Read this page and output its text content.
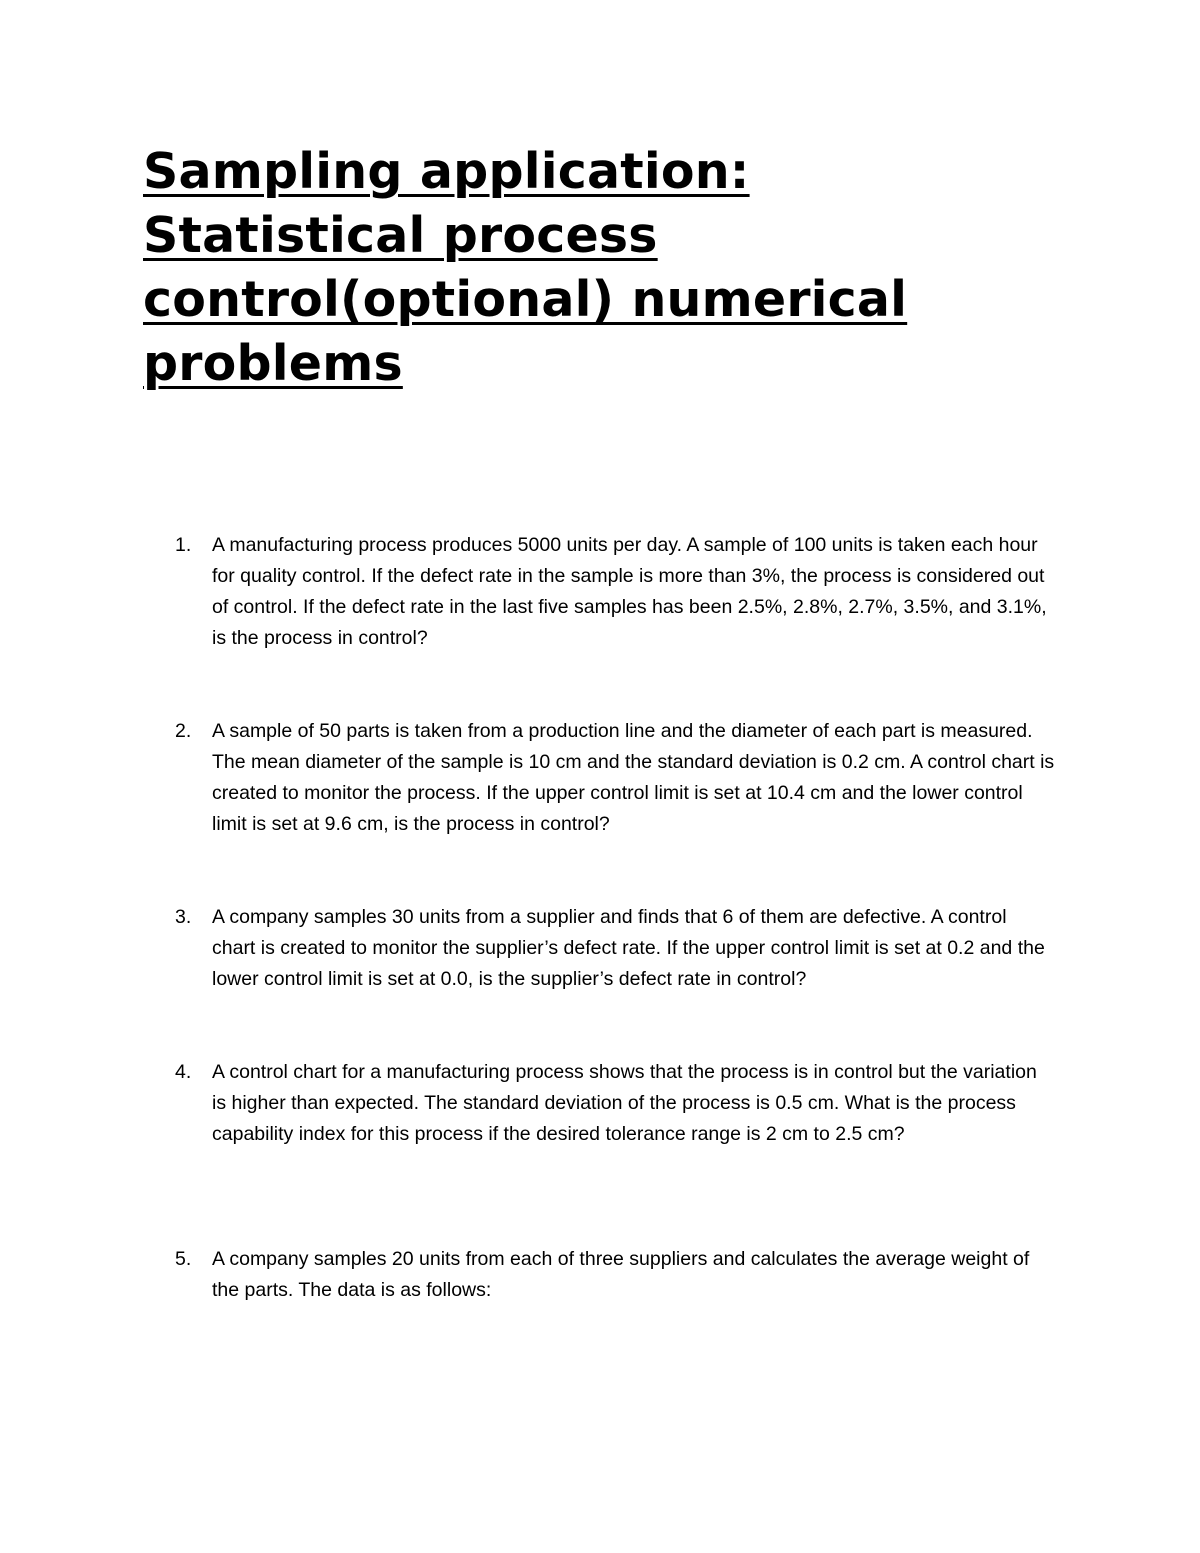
Sampling application: Statistical process control(optional) numerical problems
1.	A manufacturing process produces 5000 units per day. A sample of 100 units is taken each hour for quality control. If the defect rate in the sample is more than 3%, the process is considered out of control. If the defect rate in the last five samples has been 2.5%, 2.8%, 2.7%, 3.5%, and 3.1%, is the process in control?
2.	A sample of 50 parts is taken from a production line and the diameter of each part is measured. The mean diameter of the sample is 10 cm and the standard deviation is 0.2 cm. A control chart is created to monitor the process. If the upper control limit is set at 10.4 cm and the lower control limit is set at 9.6 cm, is the process in control?
3.	A company samples 30 units from a supplier and finds that 6 of them are defective. A control chart is created to monitor the supplier’s defect rate. If the upper control limit is set at 0.2 and the lower control limit is set at 0.0, is the supplier’s defect rate in control?
4.	A control chart for a manufacturing process shows that the process is in control but the variation is higher than expected. The standard deviation of the process is 0.5 cm. What is the process capability index for this process if the desired tolerance range is 2 cm to 2.5 cm?
5.	A company samples 20 units from each of three suppliers and calculates the average weight of the parts. The data is as follows:
